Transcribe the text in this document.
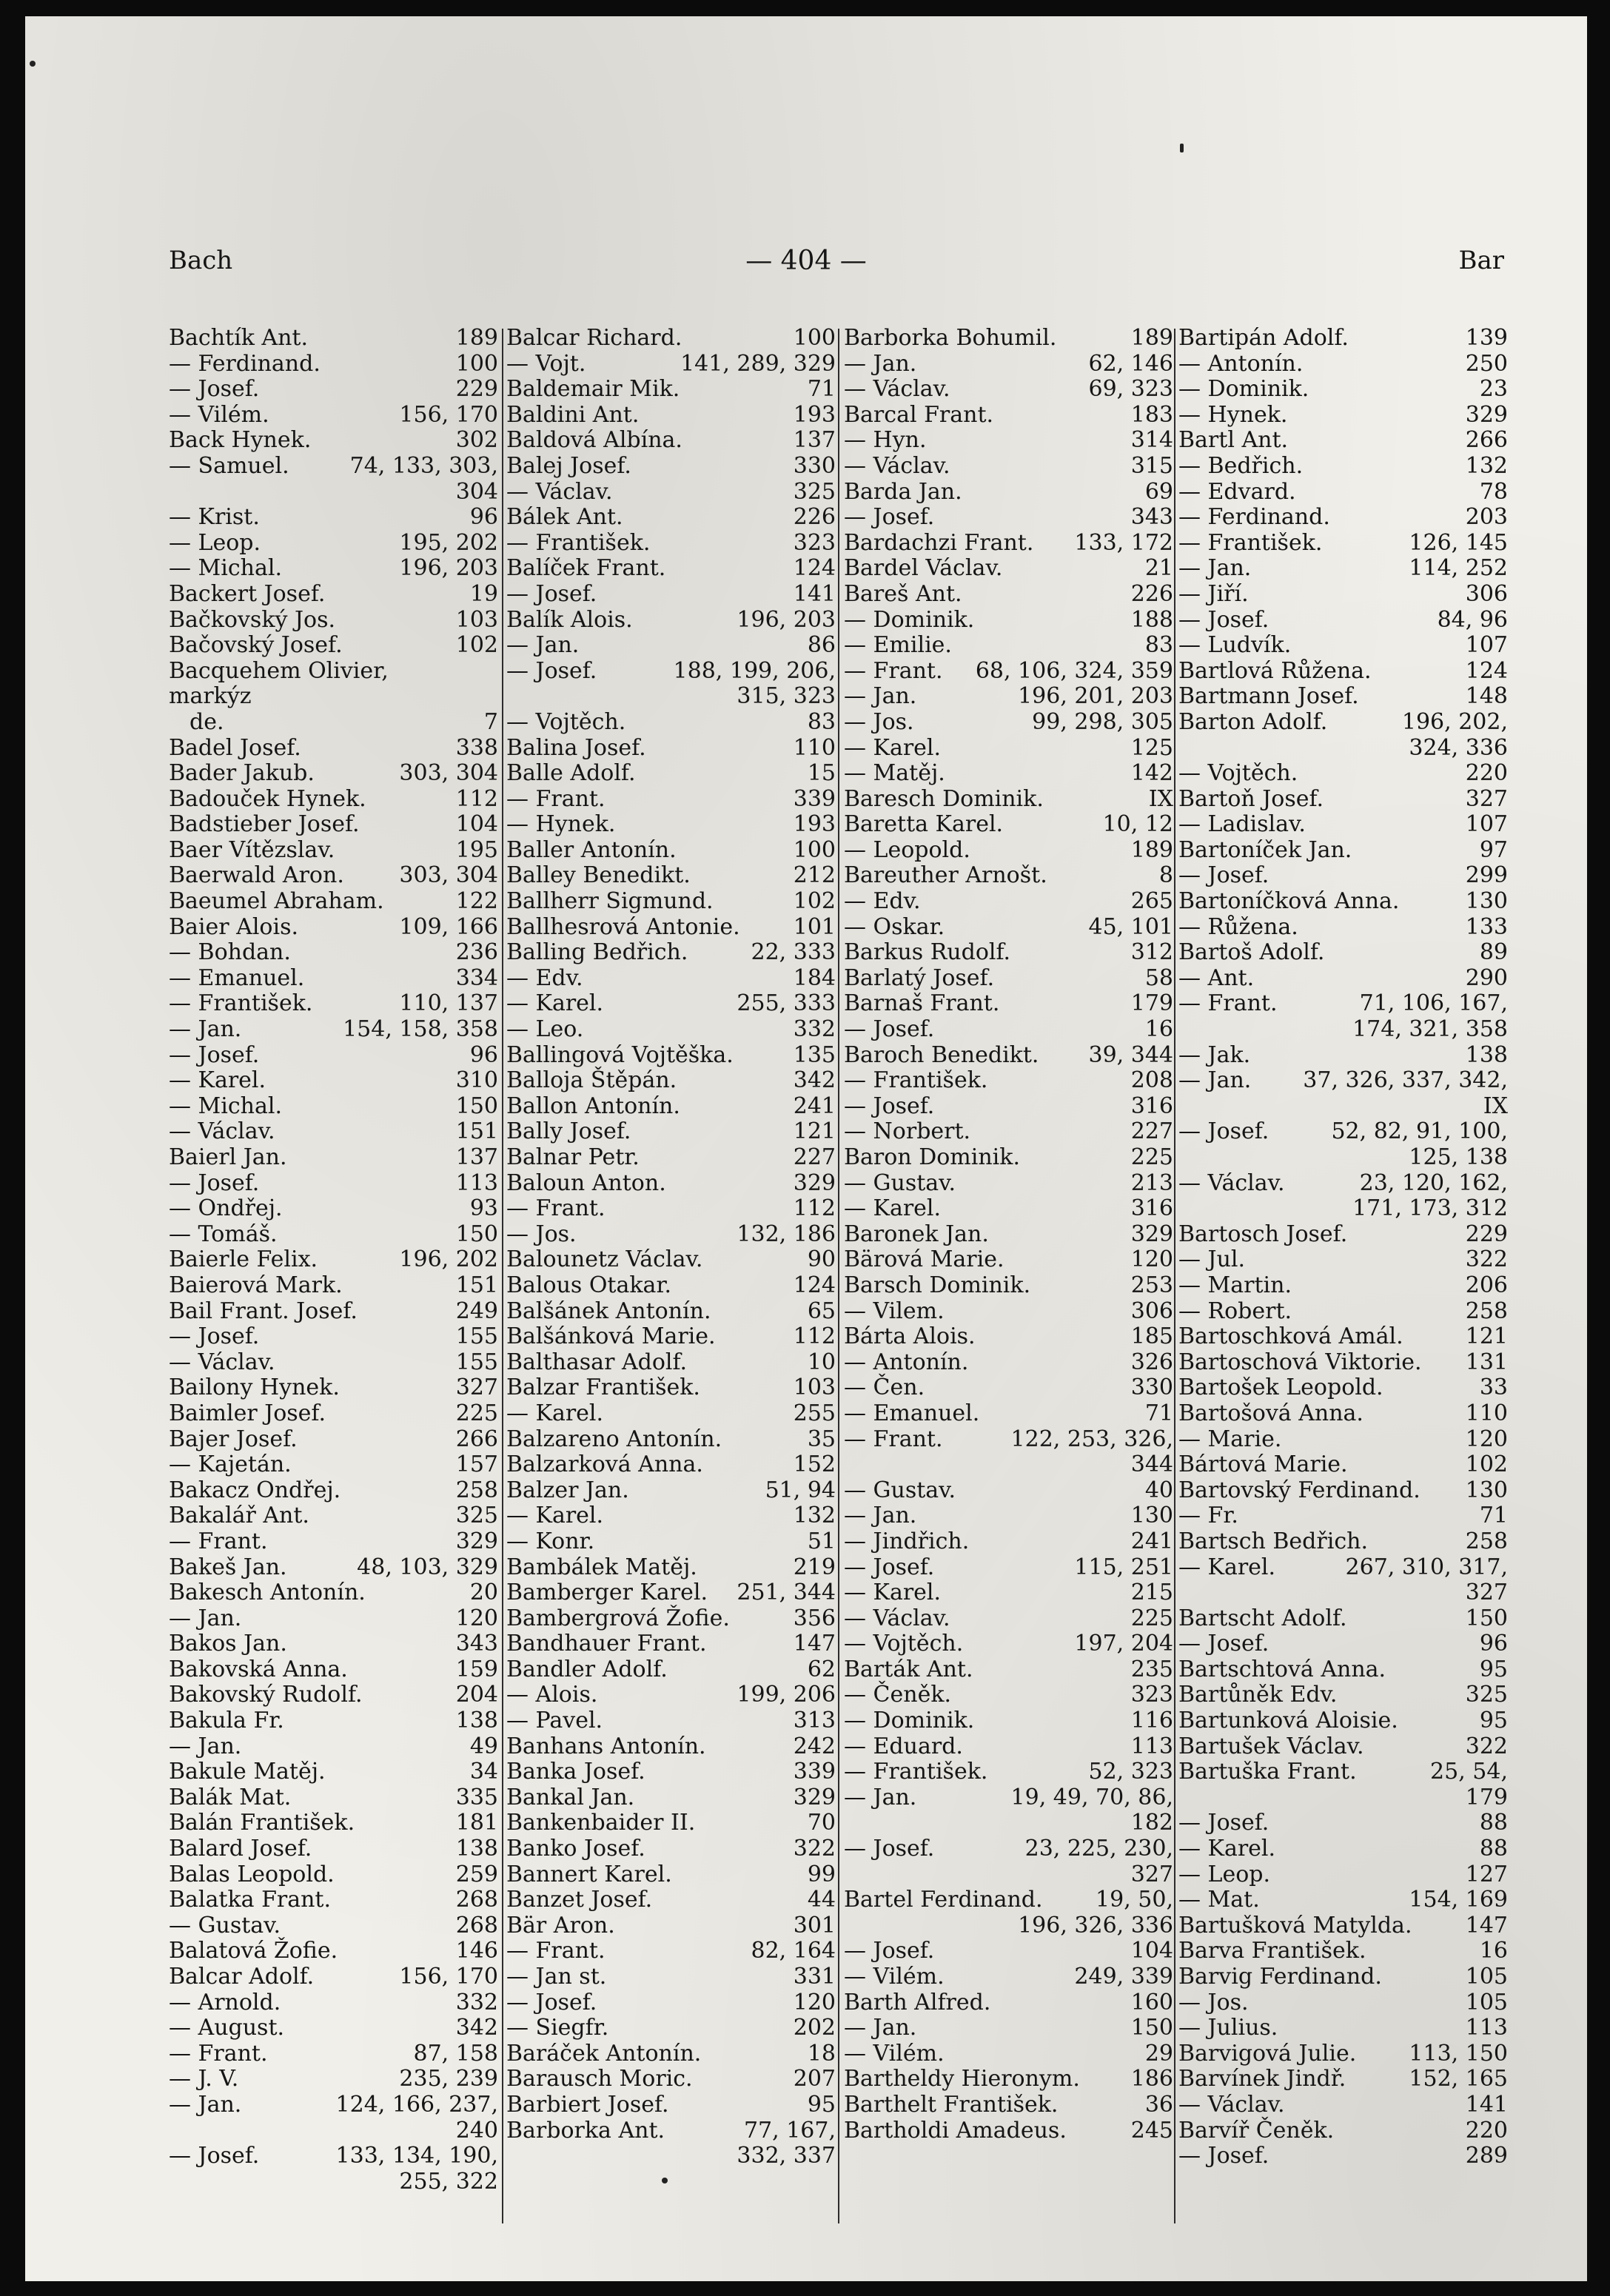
Bach	— 404 —	Bar
Bachtík Ant.	189
— Ferdinand.	100
— Josef.	229
— Vilém.	156, 170
Back Hynek.	302
— Samuel.	74, 133, 303,
304
— Krist.	96
— Leop.	195, 202
— Michal.	196, 203
Backert Josef.	19
Bačkovský Jos.	103
Bačovský Josef.	102
Bacquehem Olivier, markýz
de.	7
Badel Josef.	338
Bader Jakub.	303, 304
Badouček Hynek.	112
Badstieber Josef.	104
Baer Vítězslav.	195
Baerwald Aron. 303, 304
Baeumel Abraham.	122
Baier Alois.	109, 166
— Bohdan.	236
— Emanuel.	334
— František.	110, 137
— Jan.	154, 158, 358
— Josef.	96
— Karel.	310
— Michal.	150
— Václav.	151
Baierl Jan.	137
— Josef.	113
— Ondřej.	93
— Tomáš.	150
Baierle Felix.	196, 202
Baierová Mark.	151
Bail Frant. Josef.	249
— Josef.	155
— Václav.	155
Bailony Hynek.	327
Baimler Josef.	225
Bajer Josef.	266
— Kajetán.	157
Bakacz Ondřej.	258
Bakalář Ant.	325
— Frant.	329
Bakeš Jan.	48, 103, 329
Bakesch Antonín.	20
— Jan.	120
Bakos Jan.	343
Bakovská Anna.	159
Bakovský Rudolf.	204
Bakula Fr.	138
— Jan.	49
Bakule Matěj.	34
Balák Mat.	335
Balán František.	181
Balard Josef.	138
Balas Leopold.	259
Balatka Frant.	268
— Gustav.	268
Balatová Žofie.	146
Balcar Adolf.	156, 170
— Arnold.	332
— August.	342
— Frant.	87, 158
— J. V.	235, 239
— Jan.	124, 166, 237,
240
— Josef.	133, 134, 190,
255, 322
Balcar Richard.	100
— Vojt.	141, 289, 329
Baldemair Mik.	71
Baldini Ant.	193
Baldová Albína.	137
Balej Josef.	330
— Václav.	325
Bálek Ant.	226
— František.	323
Balíček Frant.	124
— Josef.	141
Balík Alois.	196, 203
— Jan.	86
— Josef.	188, 199, 206,
315, 323
— Vojtěch.	83
Balina Josef.	110
Balle Adolf.	15
— Frant.	339
— Hynek.	193
Baller Antonín.	100
Balley Benedikt.	212
Ballherr Sigmund.	102
Ballhesrová Antonie. 101
Balling Bedřich.	22, 333
— Edv.	184
— Karel.	255, 333
— Leo.	332
Ballingová Vojtěška.	135
Balloja Štěpán.	342
Ballon Antonín.	241
Bally Josef.	121
Balnar Petr.	227
Baloun Anton.	329
— Frant.	112
— Jos.	132, 186
Balounetz Václav.	90
Balous Otakar.	124
Balšánek Antonín.	65
Balšánková Marie.	112
Balthasar Adolf.	10
Balzar František.	103
— Karel.	255
Balzareno Antonín.	35
Balzarková Anna.	152
Balzer Jan.	51, 94
— Karel.	132
— Konr.	51
Bambálek Matěj.	219
Bamberger Karel. 251, 344
Bambergrová Žofie.	356
Bandhauer Frant.	147
Bandler Adolf.	62
— Alois.	199, 206
— Pavel.	313
Banhans Antonín.	242
Banka Josef.	339
Bankal Jan.	329
Bankenbaider II.	70
Banko Josef.	322
Bannert Karel.	99
Banzet Josef.	44
Bär Aron.	301
— Frant.	82, 164
— Jan st.	331
— Josef.	120
— Siegfr.	202
Baráček Antonín.	18
Barausch Moric.	207
Barbiert Josef.	95
Barborka Ant.	77, 167,
332, 337
Barborka Bohumil.	189
— Jan.	62, 146
— Václav.	69, 323
Barcal Frant.	183
— Hyn.	314
— Václav.	315
Barda Jan.	69
— Josef.	343
Bardachzi Frant. 133, 172
Bardel Václav.	21
Bareš Ant.	226
— Dominik.	188
— Emilie.	83
— Frant. 68, 106, 324, 359
— Jan.	196, 201, 203
— Jos.	99, 298, 305
— Karel.	125
— Matěj.	142
Baresch Dominik.	IX
Baretta Karel.	10, 12
— Leopold.	189
Bareuther Arnošt.	8
— Edv.	265
— Oskar.	45, 101
Barkus Rudolf.	312
Barlatý Josef.	58
Barnaš Frant.	179
— Josef.	16
Baroch Benedikt. 39, 344
— František.	208
— Josef.	316
— Norbert.	227
Baron Dominik.	225
— Gustav.	213
— Karel.	316
Baronek Jan.	329
Bärová Marie.	120
Barsch Dominik.	253
— Vilem.	306
Bárta Alois.	185
— Antonín.	326
— Čen.	330
— Emanuel.	71
— Frant.	122, 253, 326,
344
— Gustav.	40
— Jan.	130
— Jindřich.	241
— Josef.	115, 251
— Karel.	215
— Václav.	225
— Vojtěch.	197, 204
Barták Ant.	235
— Čeněk.	323
— Dominik.	116
— Eduard.	113
— František.	52, 323
— Jan.	19, 49, 70, 86,
182
— Josef.	23, 225, 230,
327
Bartel Ferdinand.	19, 50,
196, 326, 336
— Josef.	104
— Vilém.	249, 339
Barth Alfred.	160
— Jan.	150
— Vilém.	29
Bartheldy Hieronym. 186
Barthelt František.	36
Bartholdi Amadeus.	245
Bartipán Adolf.	139
— Antonín.	250
— Dominik.	23
— Hynek.	329
Bartl Ant.	266
— Bedřich.	132
— Edvard.	78
— Ferdinand.	203
— František.	126, 145
— Jan.	114, 252
— Jiří.	306
— Josef.	84, 96
— Ludvík.	107
Bartlová Růžena.	124
Bartmann Josef.	148
Barton Adolf.	196, 202,
324, 336
— Vojtěch.	220
Bartoň Josef.	327
— Ladislav.	107
Bartoníček Jan.	97
— Josef.	299
Bartoníčková Anna.	130
— Růžena.	133
Bartoš Adolf.	89
— Ant.	290
— Frant.	71, 106, 167,
174, 321, 358
— Jak.	138
— Jan.	37, 326, 337, 342,
IX
— Josef.	52, 82, 91, 100,
125, 138
— Václav.	23, 120, 162,
171, 173, 312
Bartosch Josef.	229
— Jul.	322
— Martin.	206
— Robert.	258
Bartoschková Amál.	121
Bartoschová Viktorie. 131
Bartošek Leopold.	33
Bartošová Anna.	110
— Marie.	120
Bártová Marie.	102
Bartovský Ferdinand. 130
— Fr.	71
Bartsch Bedřich.	258
— Karel.	267, 310, 317,
327
Bartscht Adolf.	150
— Josef.	96
Bartschtová Anna.	95
Bartůněk Edv.	325
Bartunková Aloisie.	95
Bartušek Václav.	322
Bartuška Frant.	25, 54,
179
— Josef.	88
— Karel.	88
— Leop.	127
— Mat.	154, 169
Bartušková Matylda. 147
Barva František.	16
Barvig Ferdinand.	105
— Jos.	105
— Julius.	113
Barvigová Julie. 113, 150
Barvínek Jindř.	152, 165
— Václav.	141
Barvíř Čeněk.	220
— Josef.	289
